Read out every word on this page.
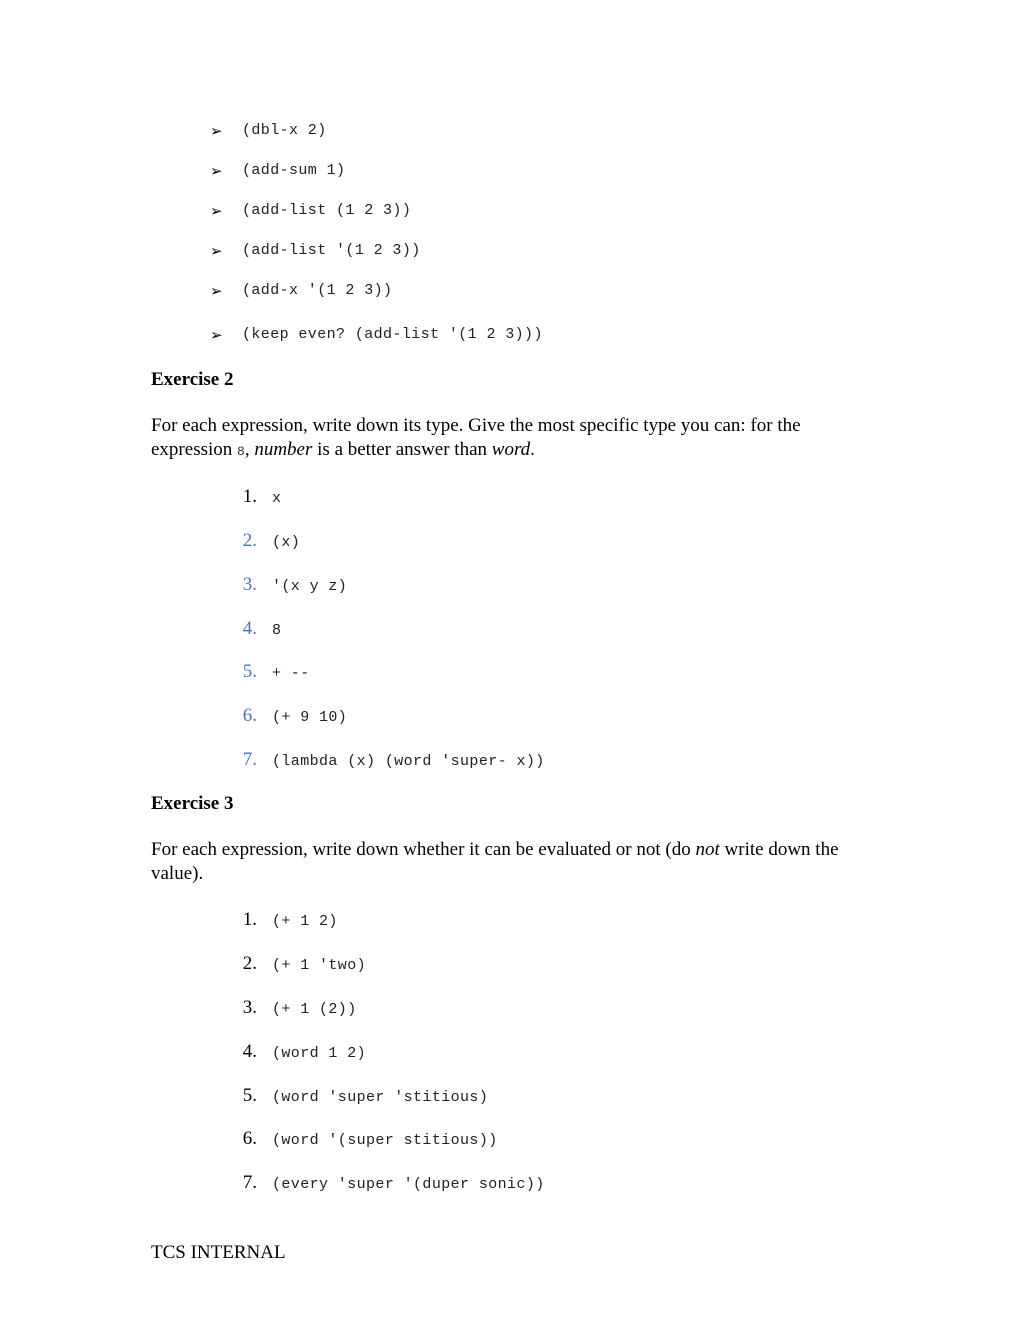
➢	(dbl-x 2)
➢	(add-sum 1)
➢	(add-list (1 2 3))
➢	(add-list '(1 2 3))
➢	(add-x '(1 2 3))
➢	(keep even? (add-list '(1 2 3)))
Exercise 2
For each expression, write down its type. Give the most specific type you can: for the expression 8, number is a better answer than word.
1.	x
2.	(x)
3.	'(x y z)
4.	8
5.	+ --
6.	(+ 9 10)
7.	(lambda (x) (word 'super- x))
Exercise 3
For each expression, write down whether it can be evaluated or not (do not write down the value).
1.	(+ 1 2)
2.	(+ 1 'two)
3.	(+ 1 (2))
4.	(word 1 2)
5.	(word 'super 'stitious)
6.	(word '(super stitious))
7.	(every 'super '(duper sonic))
TCS INTERNAL
